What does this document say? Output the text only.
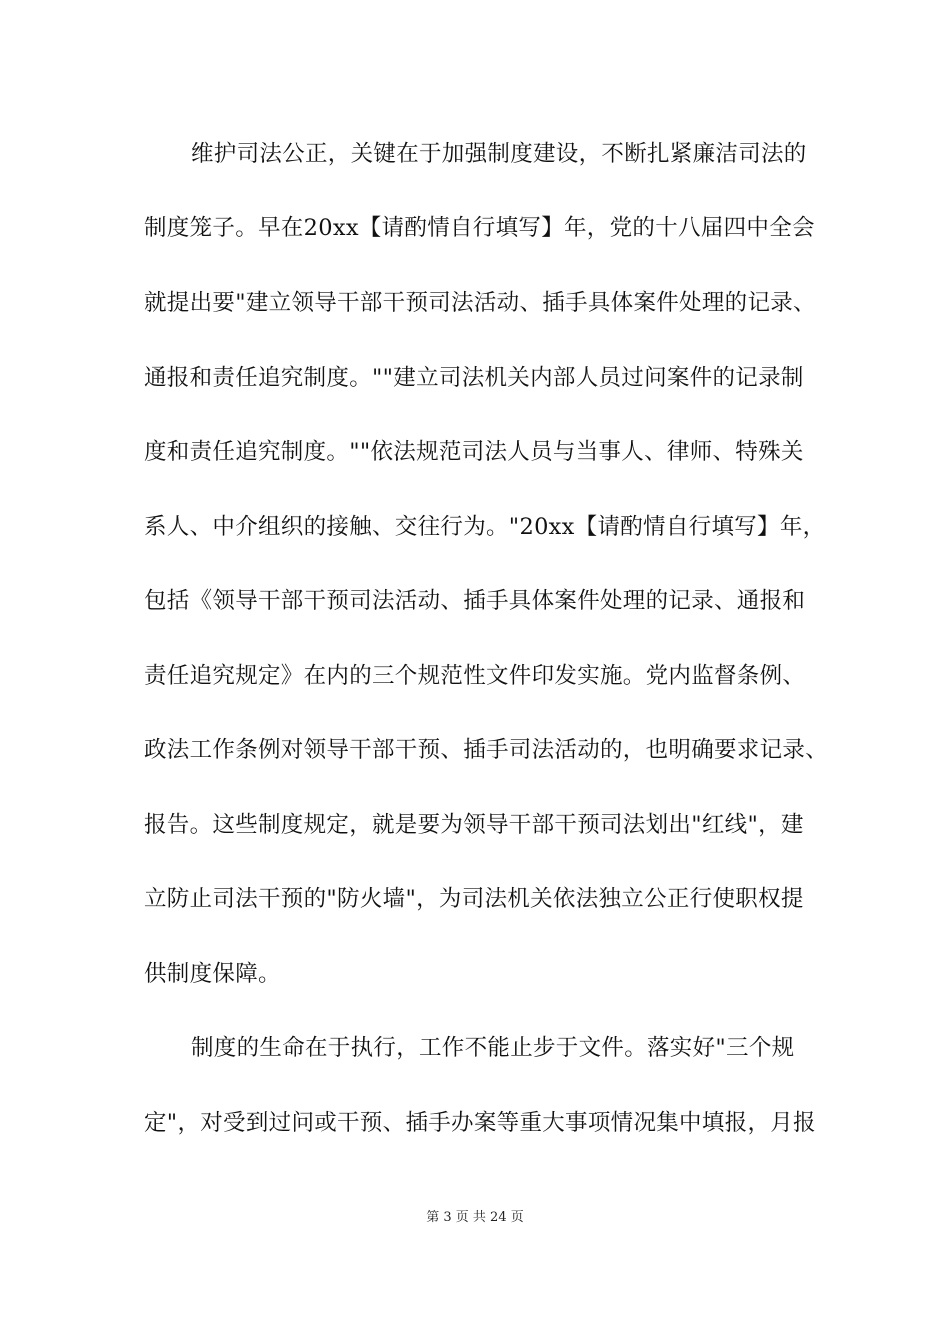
维护司法公正，关键在于加强制度建设，不断扎紧廉洁司法的
制度笼子。早在20xx【请酌情自行填写】年，党的十八届四中全会
就提出要"建立领导干部干预司法活动、插手具体案件处理的记录、
通报和责任追究制度。""建立司法机关内部人员过问案件的记录制
度和责任追究制度。""依法规范司法人员与当事人、律师、特殊关
系人、中介组织的接触、交往行为。"20xx【请酌情自行填写】年，
包括《领导干部干预司法活动、插手具体案件处理的记录、通报和
责任追究规定》在内的三个规范性文件印发实施。党内监督条例、
政法工作条例对领导干部干预、插手司法活动的，也明确要求记录、
报告。这些制度规定，就是要为领导干部干预司法划出"红线"，建
立防止司法干预的"防火墙"，为司法机关依法独立公正行使职权提
供制度保障。
制度的生命在于执行，工作不能止步于文件。落实好"三个规
定"，对受到过问或干预、插手办案等重大事项情况集中填报，月报
第 3 页 共 24 页
